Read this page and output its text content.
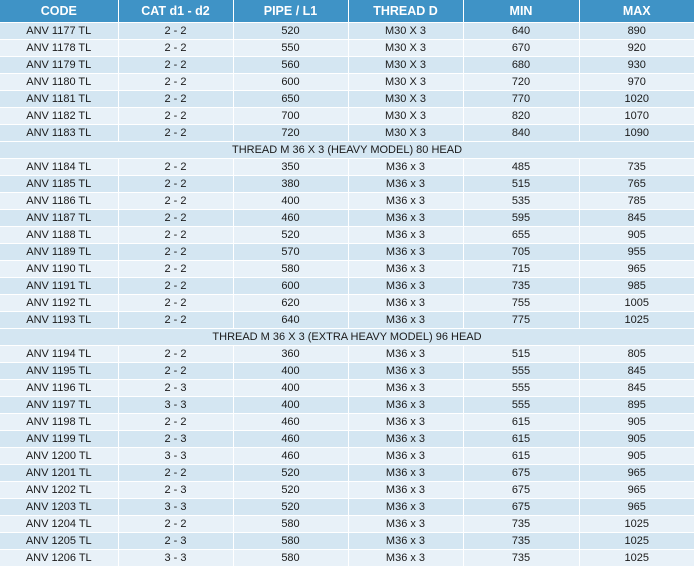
CODE	CAT d1 - d2	PIPE / L1	THREAD D	MIN	MAX
ANV 1177 TL	2 - 2	520	M30 X 3	640	890
ANV 1178 TL	2 - 2	550	M30 X 3	670	920
ANV 1179 TL	2 - 2	560	M30 X 3	680	930
ANV 1180 TL	2 - 2	600	M30 X 3	720	970
ANV 1181 TL	2 - 2	650	M30 X 3	770	1020
ANV 1182 TL	2 - 2	700	M30 X 3	820	1070
ANV 1183 TL	2 - 2	720	M30 X 3	840	1090
THREAD M 36 X 3 (HEAVY MODEL) 80 HEAD					
ANV 1184 TL	2 - 2	350	M36 x 3	485	735
ANV 1185 TL	2 - 2	380	M36 x 3	515	765
ANV 1186 TL	2 - 2	400	M36 x 3	535	785
ANV 1187 TL	2 - 2	460	M36 x 3	595	845
ANV 1188 TL	2 - 2	520	M36 x 3	655	905
ANV 1189 TL	2 - 2	570	M36 x 3	705	955
ANV 1190 TL	2 - 2	580	M36 x 3	715	965
ANV 1191 TL	2 - 2	600	M36 x 3	735	985
ANV 1192 TL	2 - 2	620	M36 x 3	755	1005
ANV 1193 TL	2 - 2	640	M36 x 3	775	1025
THREAD M 36 X 3 (EXTRA HEAVY MODEL) 96 HEAD					
ANV 1194 TL	2 - 2	360	M36 x 3	515	805
ANV 1195 TL	2 - 2	400	M36 x 3	555	845
ANV 1196 TL	2 - 3	400	M36 x 3	555	845
ANV 1197 TL	3 - 3	400	M36 x 3	555	895
ANV 1198 TL	2 - 2	460	M36 x 3	615	905
ANV 1199 TL	2 - 3	460	M36 x 3	615	905
ANV 1200 TL	3 - 3	460	M36 x 3	615	905
ANV 1201 TL	2 - 2	520	M36 x 3	675	965
ANV 1202 TL	2 - 3	520	M36 x 3	675	965
ANV 1203 TL	3 - 3	520	M36 x 3	675	965
ANV 1204 TL	2 - 2	580	M36 x 3	735	1025
ANV 1205 TL	2 - 3	580	M36 x 3	735	1025
ANV 1206 TL	3 - 3	580	M36 x 3	735	1025
